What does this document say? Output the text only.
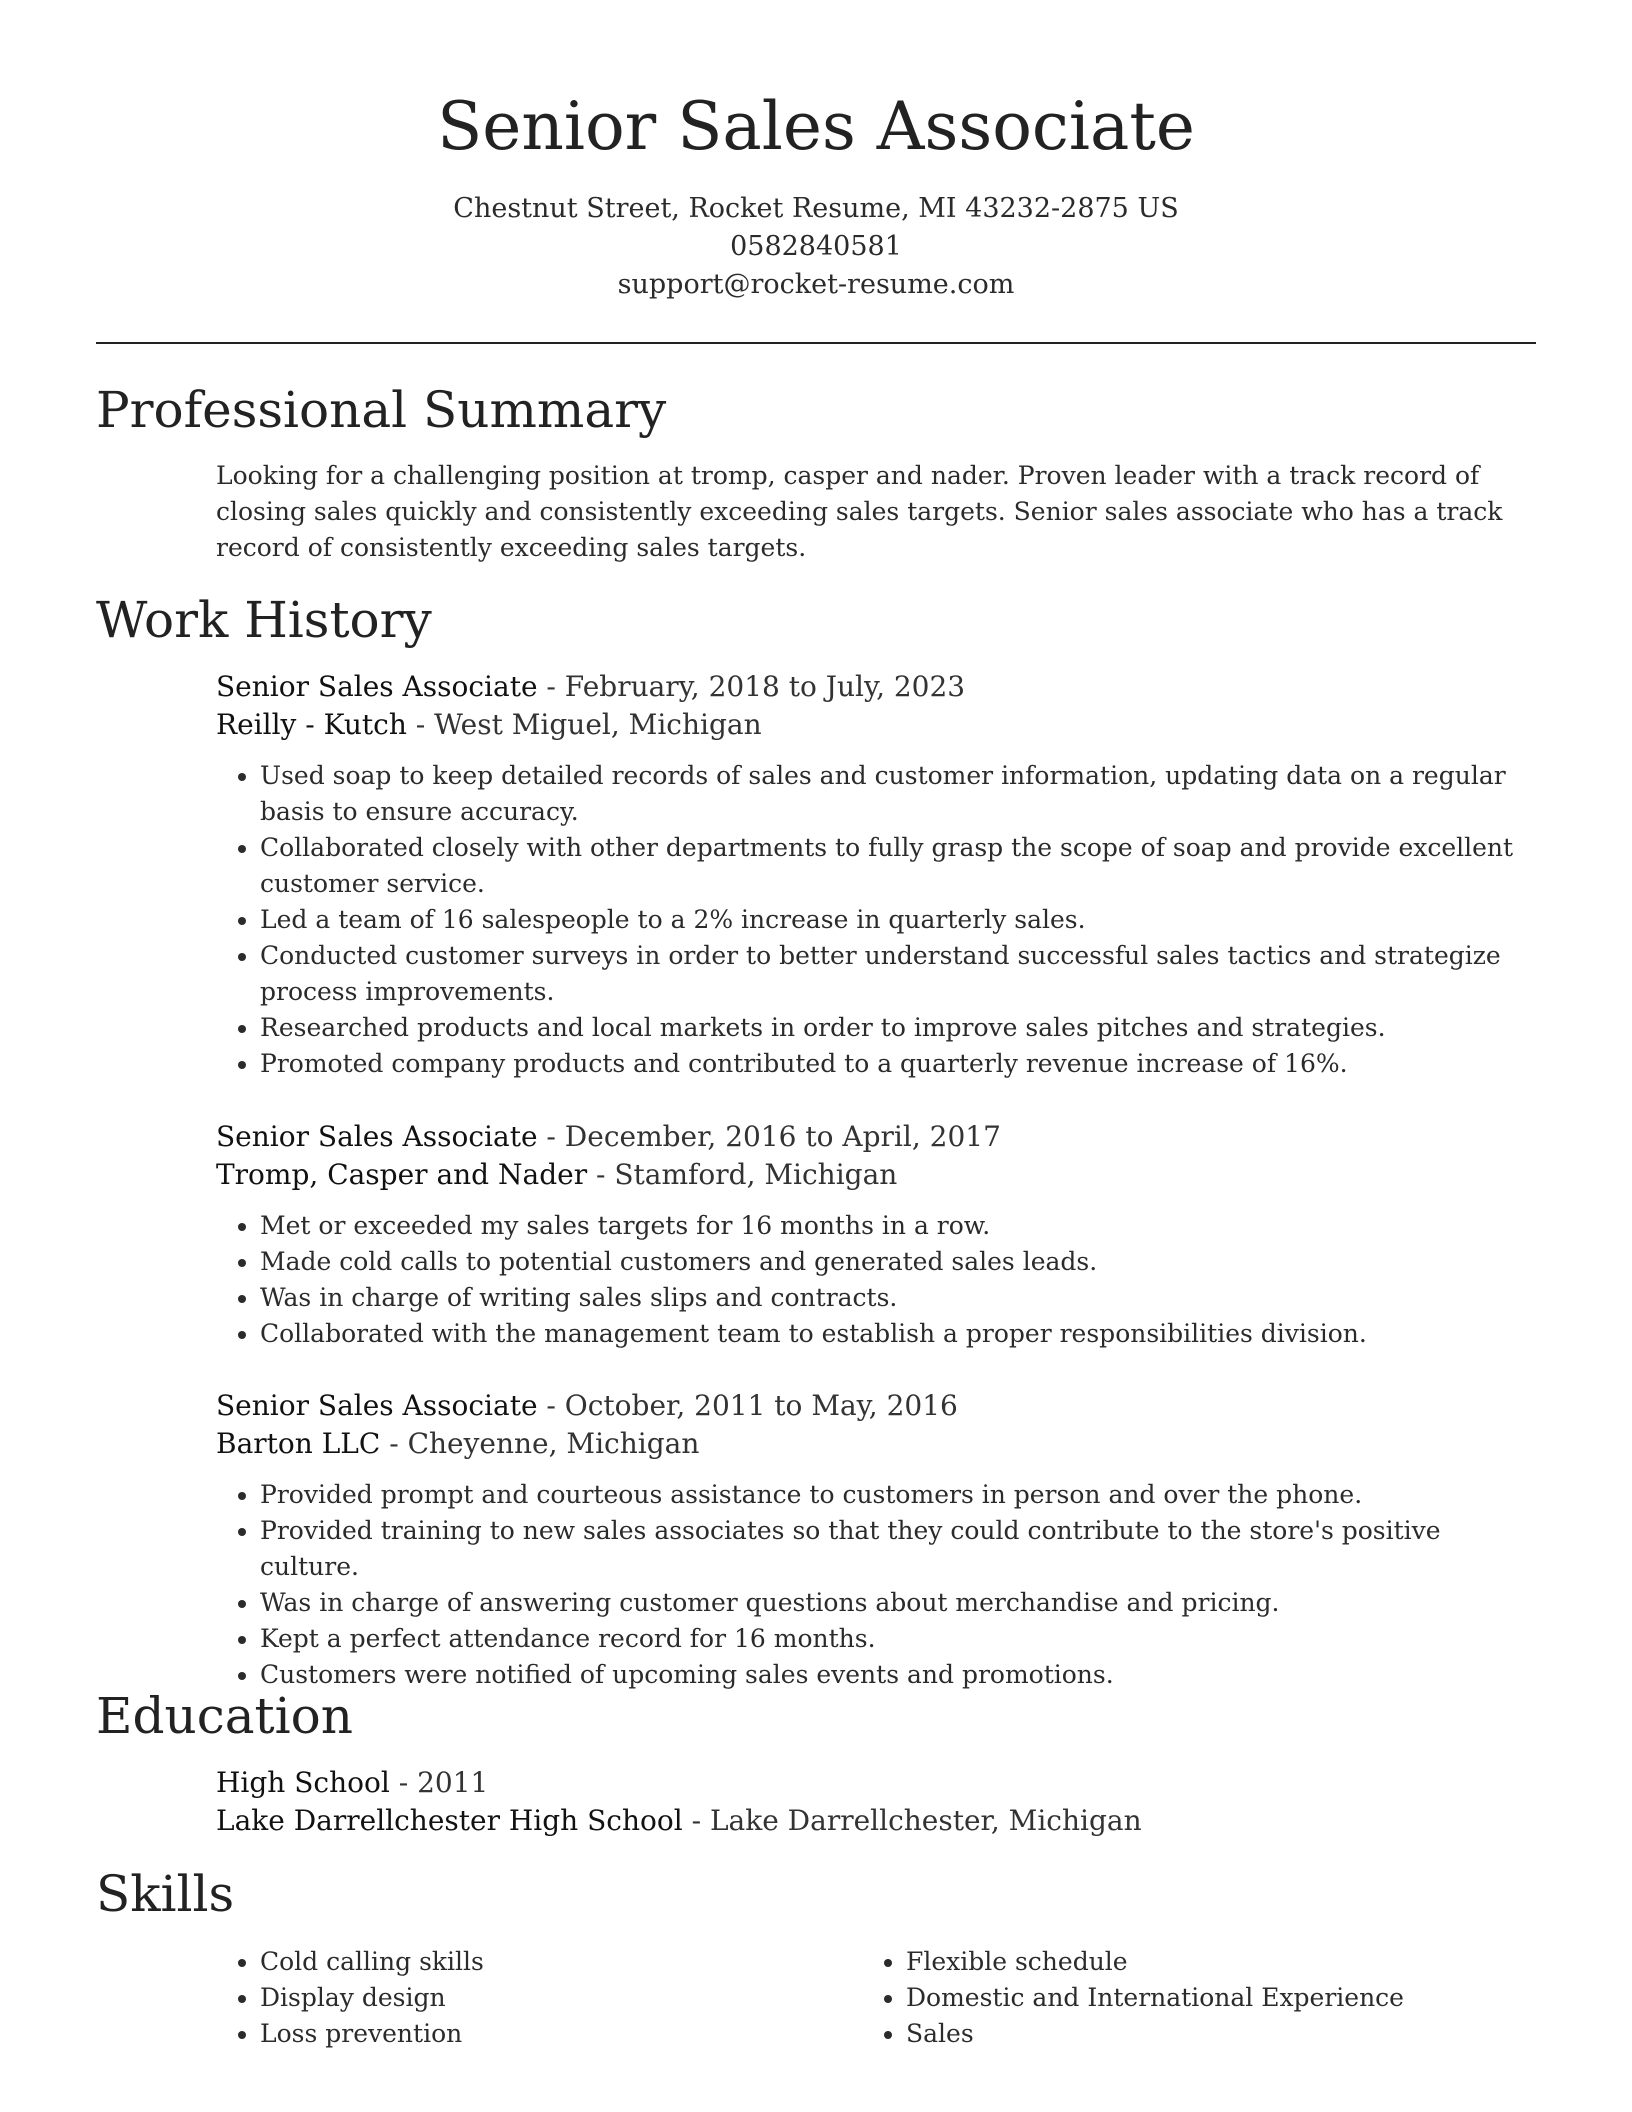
Senior Sales Associate
Chestnut Street, Rocket Resume, MI 43232-2875 US
0582840581
support@rocket-resume.com
Professional Summary

Looking for a challenging position at tromp, casper and nader. Proven leader with a track record of closing sales quickly and consistently exceeding sales targets. Senior sales associate who has a track record of consistently exceeding sales targets.

Work History
Senior Sales Associate - February, 2018 to July, 2023
Reilly - Kutch - West Miguel, Michigan
• Used soap to keep detailed records of sales and customer information, updating data on a regular basis to ensure accuracy.
• Collaborated closely with other departments to fully grasp the scope of soap and provide excellent customer service.
• Led a team of 16 salespeople to a 2% increase in quarterly sales.
• Conducted customer surveys in order to better understand successful sales tactics and strategize process improvements.
• Researched products and local markets in order to improve sales pitches and strategies.
• Promoted company products and contributed to a quarterly revenue increase of 16%.
Senior Sales Associate - December, 2016 to April, 2017
Tromp, Casper and Nader - Stamford, Michigan
• Met or exceeded my sales targets for 16 months in a row.
• Made cold calls to potential customers and generated sales leads.
• Was in charge of writing sales slips and contracts.
• Collaborated with the management team to establish a proper responsibilities division.
Senior Sales Associate - October, 2011 to May, 2016
Barton LLC - Cheyenne, Michigan
• Provided prompt and courteous assistance to customers in person and over the phone.
• Provided training to new sales associates so that they could contribute to the store's positive culture.
• Was in charge of answering customer questions about merchandise and pricing.
• Kept a perfect attendance record for 16 months.
• Customers were notified of upcoming sales events and promotions.
Education
High School - 2011
Lake Darrellchester High School - Lake Darrellchester, Michigan
Skills
• Cold calling skills
• Display design
• Loss prevention
• Flexible schedule
• Domestic and International Experience
• Sales
